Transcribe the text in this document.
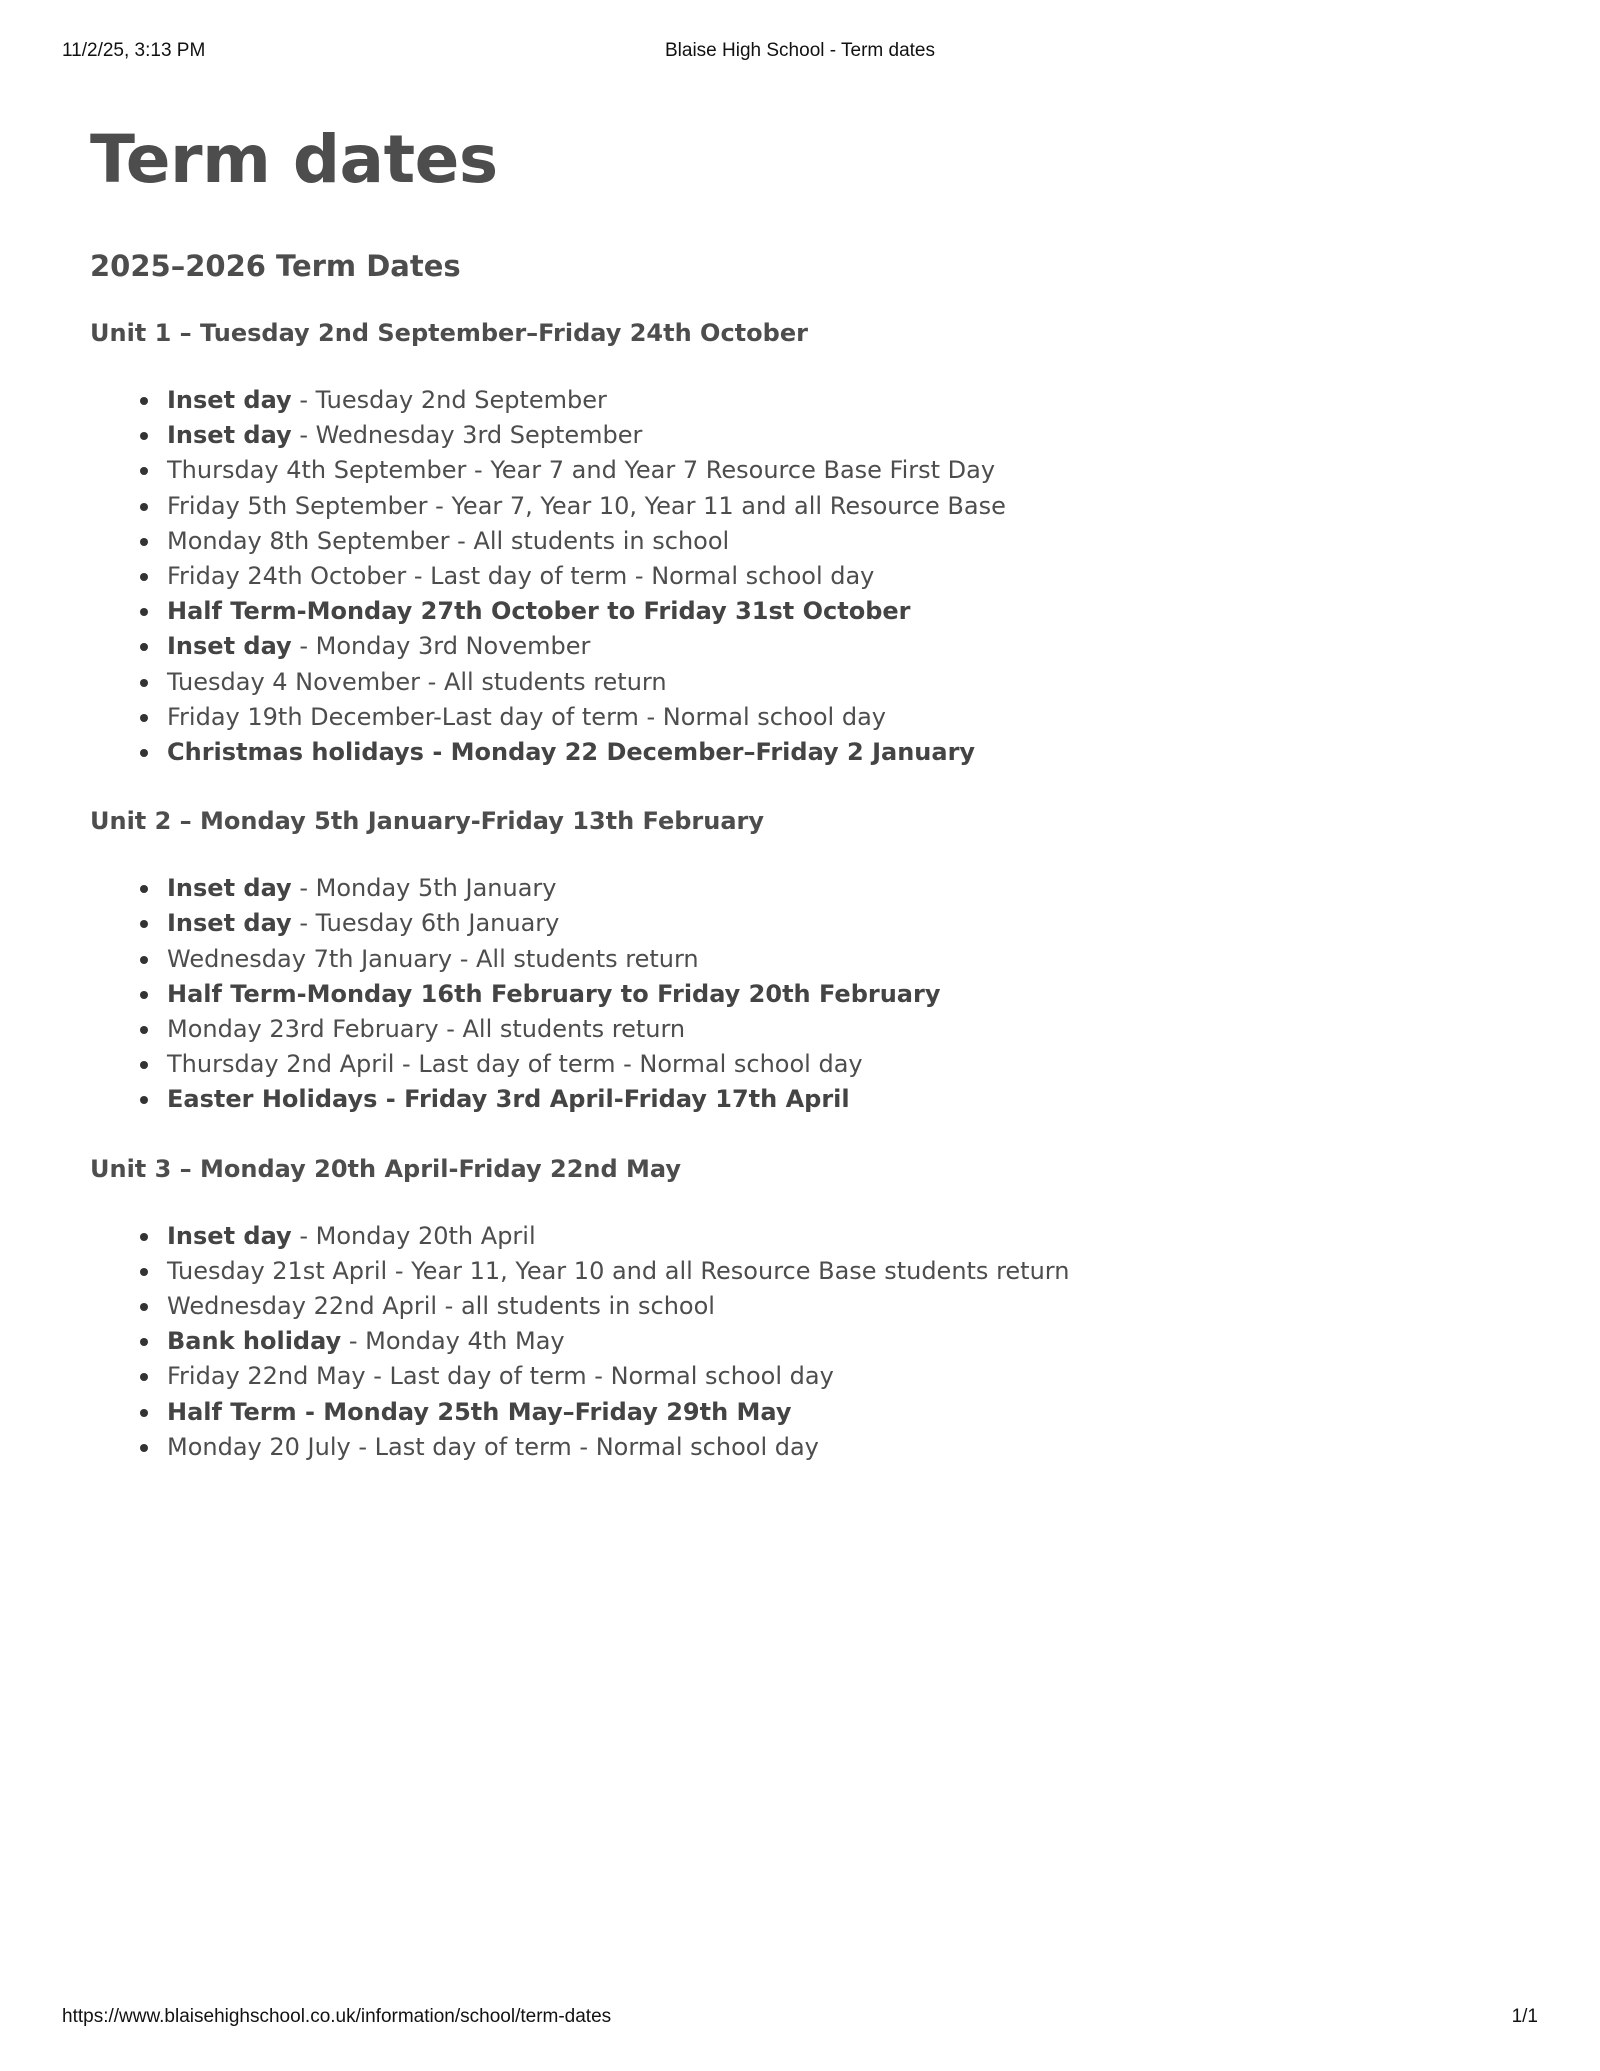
11/2/25, 3:13 PM	Blaise High School - Term dates
Term dates
2025–2026 Term Dates
Unit 1 – Tuesday 2nd September–Friday 24th October
Inset day - Tuesday 2nd September
Inset day - Wednesday 3rd September
Thursday 4th September - Year 7 and Year 7 Resource Base First Day
Friday 5th September - Year 7, Year 10, Year 11 and all Resource Base
Monday 8th September - All students in school
Friday 24th October - Last day of term - Normal school day
Half Term-Monday 27th October to Friday 31st October
Inset day - Monday 3rd November
Tuesday 4 November - All students return
Friday 19th December-Last day of term - Normal school day
Christmas holidays - Monday 22 December–Friday 2 January
Unit 2 – Monday 5th January-Friday 13th February
Inset day - Monday 5th January
Inset day - Tuesday 6th January
Wednesday 7th January - All students return
Half Term-Monday 16th February to Friday 20th February
Monday 23rd February - All students return
Thursday 2nd April - Last day of term - Normal school day
Easter Holidays - Friday 3rd April-Friday 17th April
Unit 3 – Monday 20th April-Friday 22nd May
Inset day - Monday 20th April
Tuesday 21st April - Year 11, Year 10 and all Resource Base students return
Wednesday 22nd April - all students in school
Bank holiday - Monday 4th May
Friday 22nd May - Last day of term - Normal school day
Half Term - Monday 25th May–Friday 29th May
Monday 20 July - Last day of term - Normal school day
https://www.blaisehighschool.co.uk/information/school/term-dates	1/1
